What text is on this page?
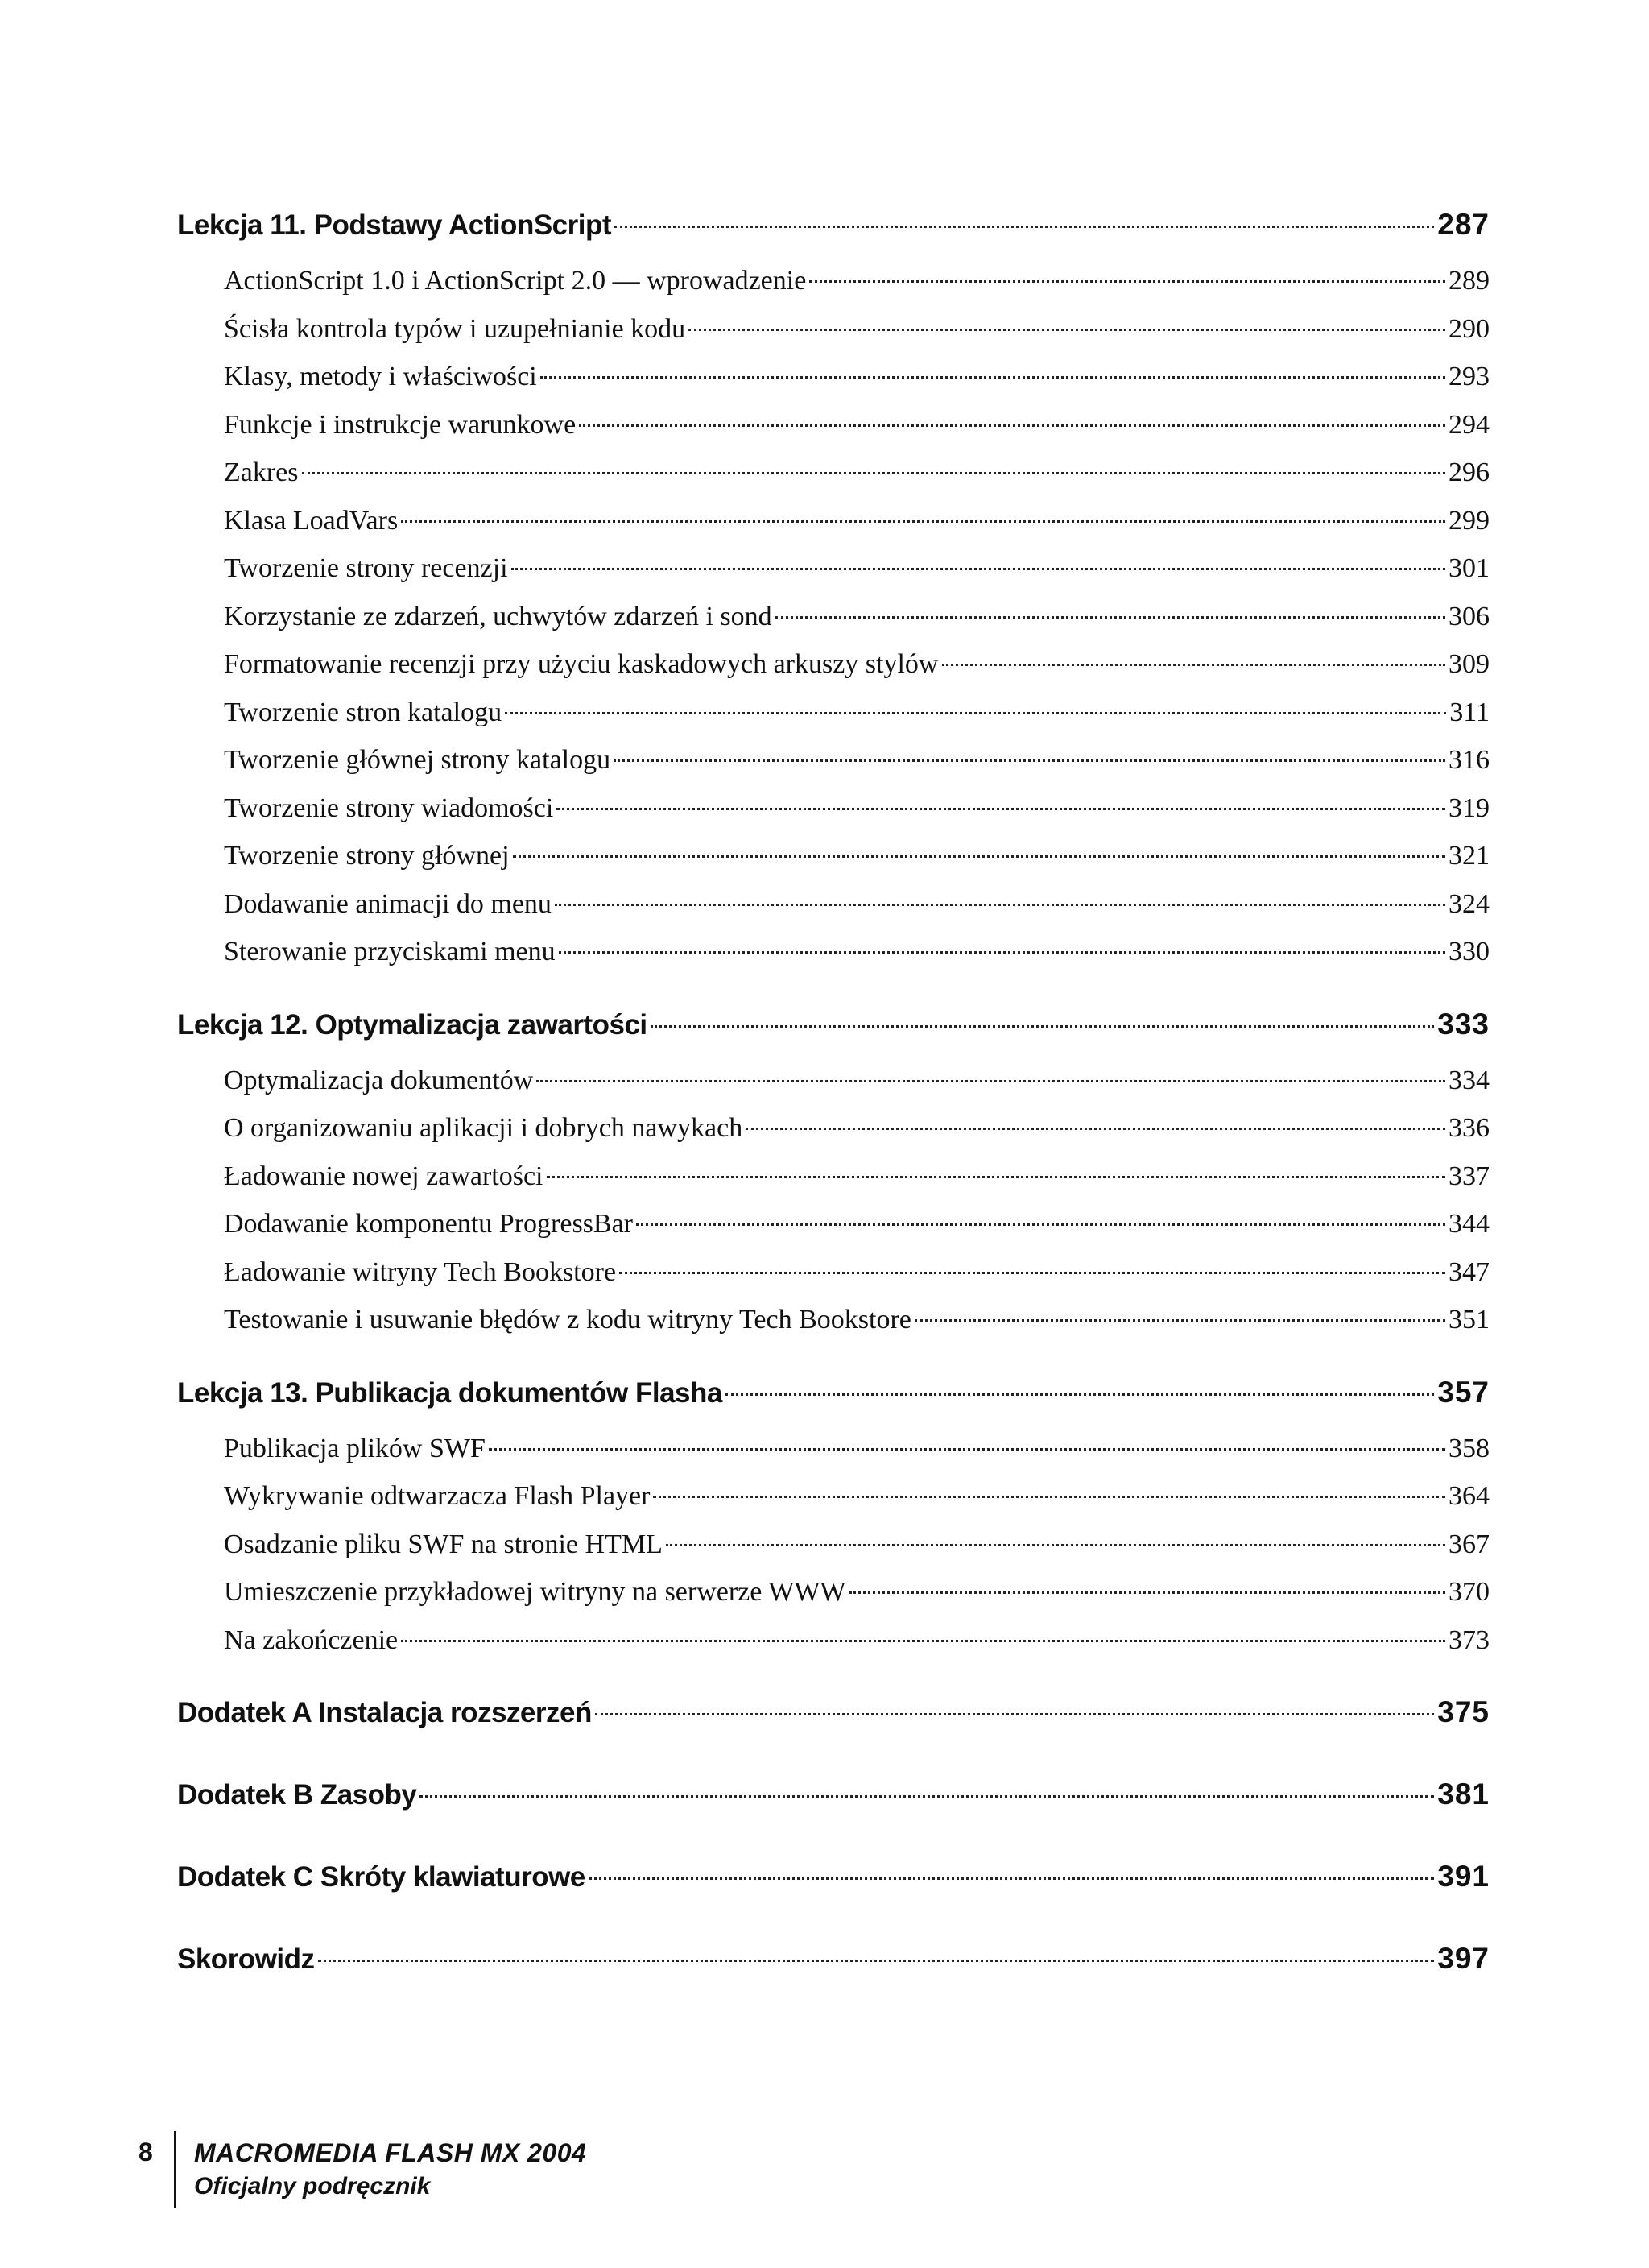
Lekcja 11. Podstawy ActionScript	287
ActionScript 1.0 i ActionScript 2.0 — wprowadzenie	289
Ścisła kontrola typów i uzupełnianie kodu	290
Klasy, metody i właściwości	293
Funkcje i instrukcje warunkowe	294
Zakres	296
Klasa LoadVars	299
Tworzenie strony recenzji	301
Korzystanie ze zdarzeń, uchwytów zdarzeń i sond	306
Formatowanie recenzji przy użyciu kaskadowych arkuszy stylów	309
Tworzenie stron katalogu	311
Tworzenie głównej strony katalogu	316
Tworzenie strony wiadomości	319
Tworzenie strony głównej	321
Dodawanie animacji do menu	324
Sterowanie przyciskami menu	330
Lekcja 12. Optymalizacja zawartości	333
Optymalizacja dokumentów	334
O organizowaniu aplikacji i dobrych nawykach	336
Ładowanie nowej zawartości	337
Dodawanie komponentu ProgressBar	344
Ładowanie witryny Tech Bookstore	347
Testowanie i usuwanie błędów z kodu witryny Tech Bookstore	351
Lekcja 13. Publikacja dokumentów Flasha	357
Publikacja plików SWF	358
Wykrywanie odtwarzacza Flash Player	364
Osadzanie pliku SWF na stronie HTML	367
Umieszczenie przykładowej witryny na serwerze WWW	370
Na zakończenie	373
Dodatek A Instalacja rozszerzeń	375
Dodatek B Zasoby	381
Dodatek C Skróty klawiaturowe	391
Skorowidz	397
8	MACROMEDIA FLASH MX 2004
Oficjalny podręcznik
